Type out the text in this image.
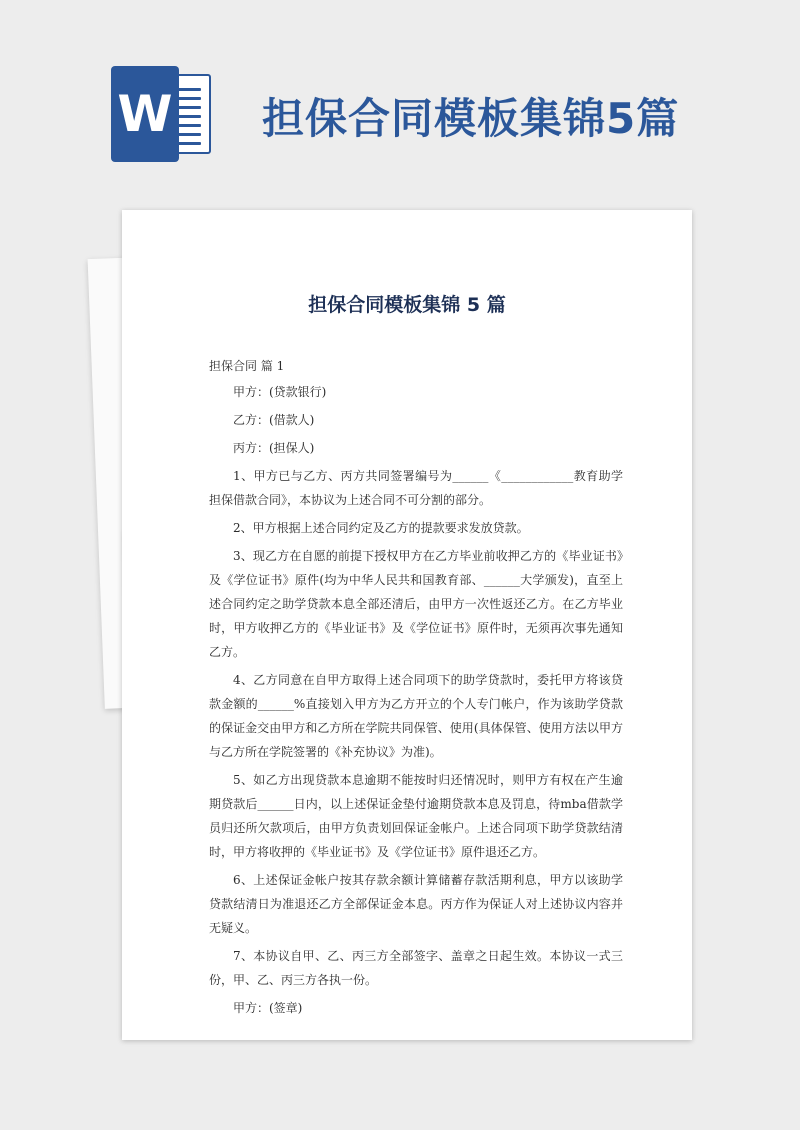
W 担保合同模板集锦5篇
担保合同模板集锦 5 篇

担保合同 篇 1

甲方：(贷款银行)

乙方：(借款人)

丙方：(担保人)

1、甲方已与乙方、丙方共同签署编号为______《____________教育助学担保借款合同》，本协议为上述合同不可分割的部分。

2、甲方根据上述合同约定及乙方的提款要求发放贷款。

3、现乙方在自愿的前提下授权甲方在乙方毕业前收押乙方的《毕业证书》及《学位证书》原件(均为中华人民共和国教育部、______大学颁发)，直至上述合同约定之助学贷款本息全部还清后，由甲方一次性返还乙方。在乙方毕业时，甲方收押乙方的《毕业证书》及《学位证书》原件时，无须再次事先通知乙方。

4、乙方同意在自甲方取得上述合同项下的助学贷款时，委托甲方将该贷款金额的______%直接划入甲方为乙方开立的个人专门帐户，作为该助学贷款的保证金交由甲方和乙方所在学院共同保管、使用(具体保管、使用方法以甲方与乙方所在学院签署的《补充协议》为准)。

5、如乙方出现贷款本息逾期不能按时归还情况时，则甲方有权在产生逾期贷款后______日内，以上述保证金垫付逾期贷款本息及罚息，待mba借款学员归还所欠款项后，由甲方负责划回保证金帐户。上述合同项下助学贷款结清时，甲方将收押的《毕业证书》及《学位证书》原件退还乙方。

6、上述保证金帐户按其存款余额计算储蓄存款活期利息，甲方以该助学贷款结清日为准退还乙方全部保证金本息。丙方作为保证人对上述协议内容并无疑义。

7、本协议自甲、乙、丙三方全部签字、盖章之日起生效。本协议一式三份，甲、乙、丙三方各执一份。

甲方：(签章)
